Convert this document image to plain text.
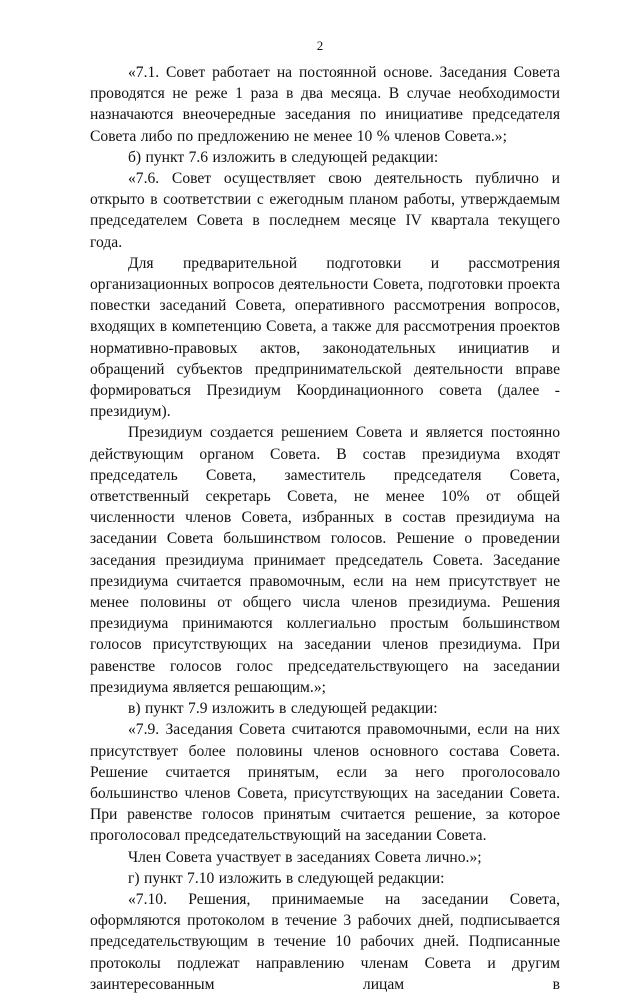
2

«7.1. Совет работает на постоянной основе. Заседания Совета проводятся не реже 1 раза в два месяца. В случае необходимости назначаются внеочередные заседания по инициативе председателя Совета либо по предложению не менее 10 % членов Совета.»;

б) пункт 7.6 изложить в следующей редакции:

«7.6. Совет осуществляет свою деятельность публично и открыто в соответствии с ежегодным планом работы, утверждаемым председателем Совета в последнем месяце IV квартала текущего года.

Для предварительной подготовки и рассмотрения организационных вопросов деятельности Совета, подготовки проекта повестки заседаний Совета, оперативного рассмотрения вопросов, входящих в компетенцию Совета, а также для рассмотрения проектов нормативно-правовых актов, законодательных инициатив и обращений субъектов предпринимательской деятельности вправе формироваться Президиум Координационного совета (далее - президиум).

Президиум создается решением Совета и является постоянно действующим органом Совета. В состав президиума входят председатель Совета, заместитель председателя Совета, ответственный секретарь Совета, не менее 10% от общей численности членов Совета, избранных в состав президиума на заседании Совета большинством голосов. Решение о проведении заседания президиума принимает председатель Совета. Заседание президиума считается правомочным, если на нем присутствует не менее половины от общего числа членов президиума. Решения президиума принимаются коллегиально простым большинством голосов присутствующих на заседании членов президиума. При равенстве голосов голос председательствующего на заседании президиума является решающим.»;

в) пункт 7.9 изложить в следующей редакции:

«7.9. Заседания Совета считаются правомочными, если на них присутствует более половины членов основного состава Совета. Решение считается принятым, если за него проголосовало большинство членов Совета, присутствующих на заседании Совета. При равенстве голосов принятым считается решение, за которое проголосовал председательствующий на заседании Совета.

Член Совета участвует в заседаниях Совета лично.»;

г) пункт 7.10 изложить в следующей редакции:

«7.10. Решения, принимаемые на заседании Совета, оформляются протоколом в течение 3 рабочих дней, подписывается председательствующим в течение 10 рабочих дней. Подписанные протоколы подлежат направлению членам Совета и другим заинтересованным лицам в
